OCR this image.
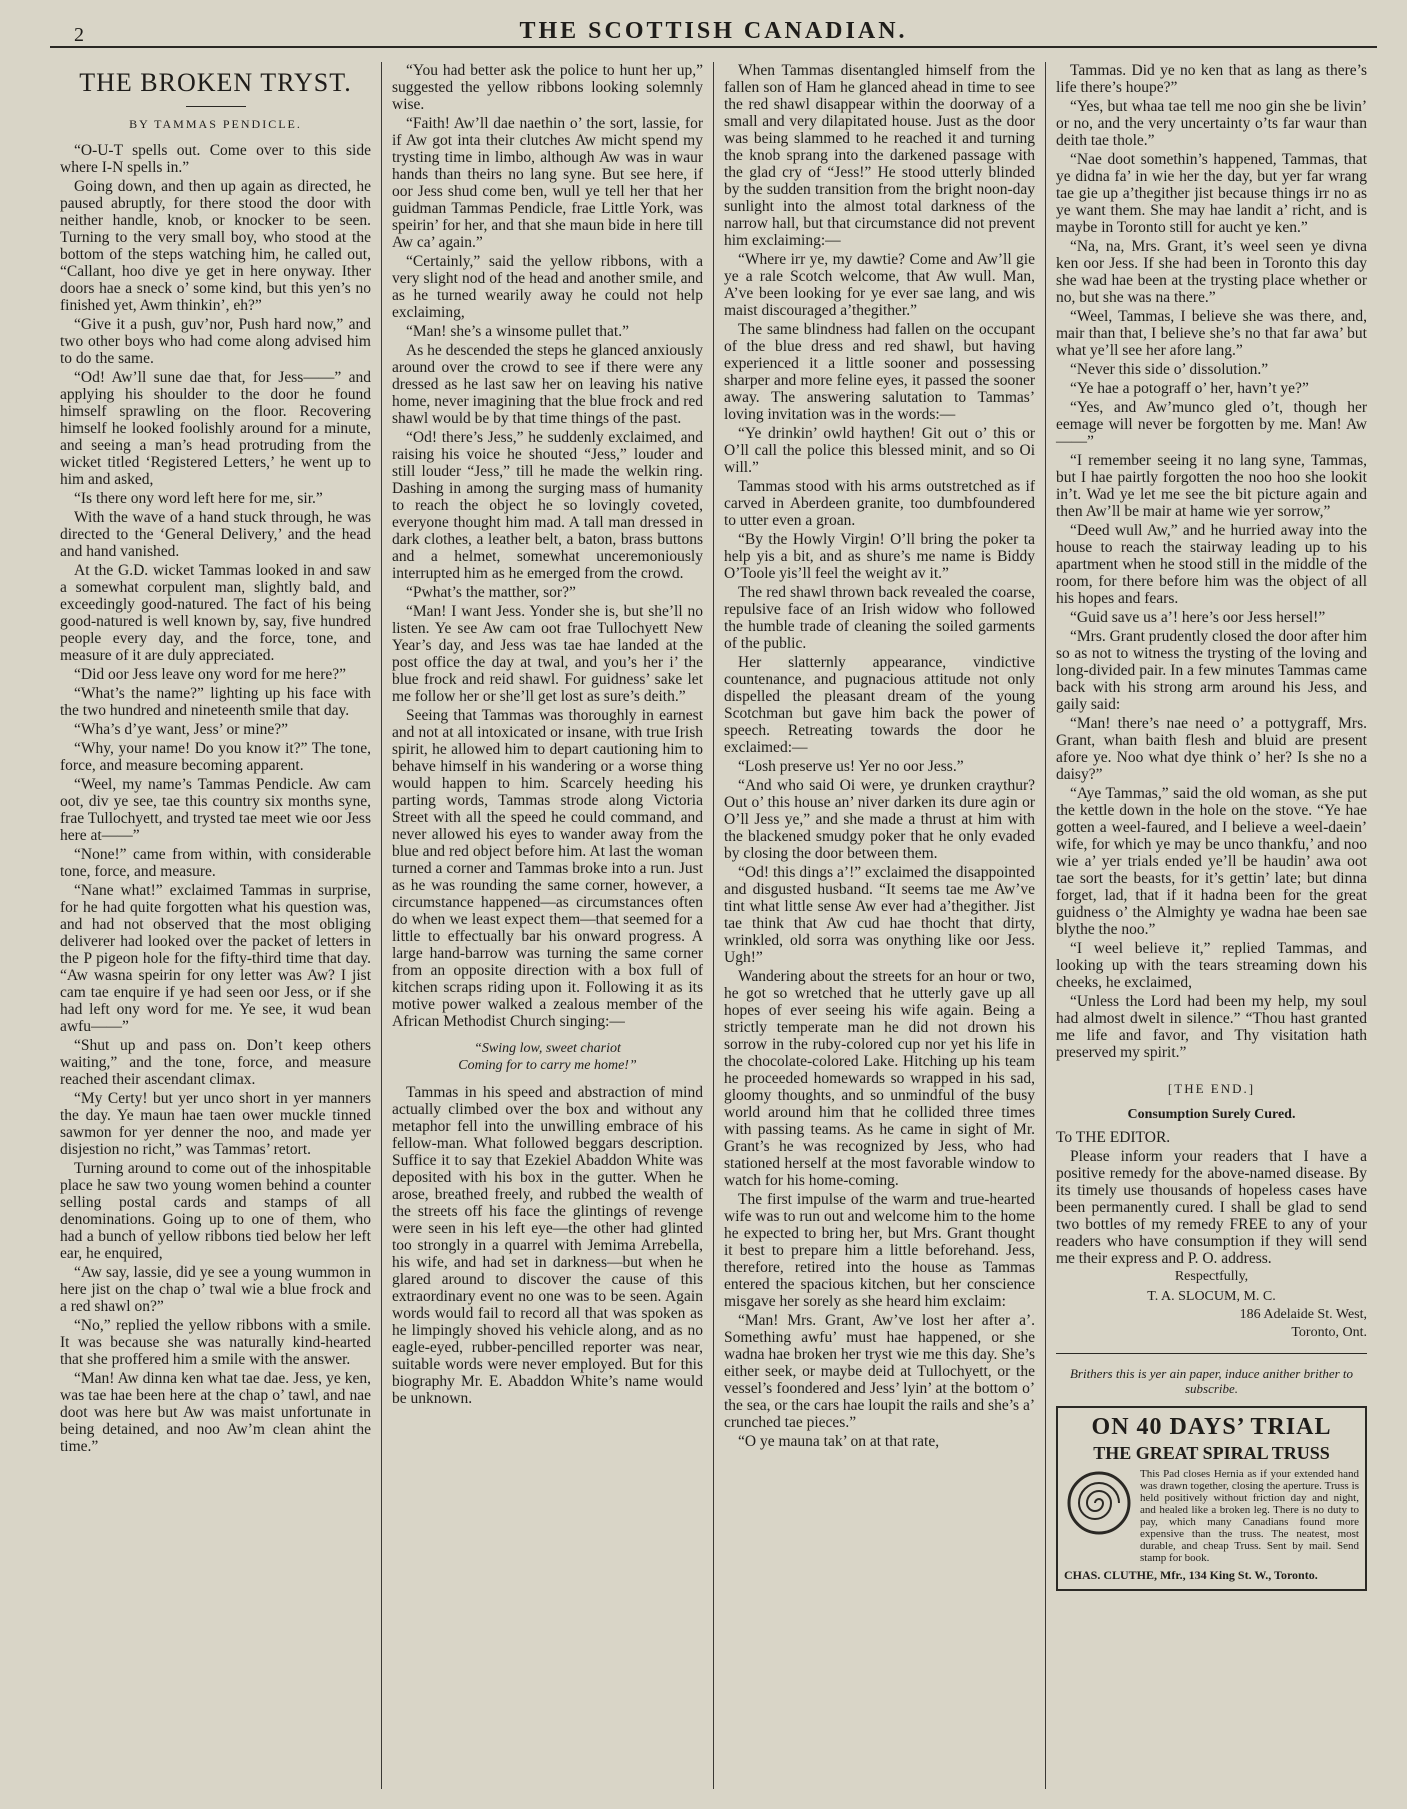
2	THE SCOTTISH CANADIAN.
THE BROKEN TRYST.
BY TAMMAS PENDICLE.

“O-U-T spells out. Come over to this side where I-N spells in.”

Going down, and then up again as directed, he paused abruptly, for there stood the door with neither handle, knob, or knocker to be seen. Turning to the very small boy, who stood at the bottom of the steps watching him, he called out, “Callant, hoo dive ye get in here onyway. Ither doors hae a sneck o’ some kind, but this yen’s no finished yet, Awm thinkin’, eh?”

“Give it a push, guv’nor, Push hard now,” and two other boys who had come along advised him to do the same.

“Od! Aw’ll sune dae that, for Jess——” and applying his shoulder to the door he found himself sprawling on the floor. Recovering himself he looked foolishly around for a minute, and seeing a man’s head protruding from the wicket titled ‘Registered Letters,’ he went up to him and asked,

“Is there ony word left here for me, sir.”

With the wave of a hand stuck through, he was directed to the ‘General Delivery,’ and the head and hand vanished.

At the G.D. wicket Tammas looked in and saw a somewhat corpulent man, slightly bald, and exceedingly good-natured. The fact of his being good-natured is well known by, say, five hundred people every day, and the force, tone, and measure of it are duly appreciated.

“Did oor Jess leave ony word for me here?”

“What’s the name?” lighting up his face with the two hundred and nineteenth smile that day.

“Wha’s d’ye want, Jess’ or mine?”

“Why, your name! Do you know it?” The tone, force, and measure becoming apparent.

“Weel, my name’s Tammas Pendicle. Aw cam oot, div ye see, tae this country six months syne, frae Tullochyett, and trysted tae meet wie oor Jess here at——”

“None!” came from within, with considerable tone, force, and measure.

“Nane what!” exclaimed Tammas in surprise, for he had quite forgotten what his question was, and had not observed that the most obliging deliverer had looked over the packet of letters in the P pigeon hole for the fifty-third time that day. “Aw wasna speirin for ony letter was Aw? I jist cam tae enquire if ye had seen oor Jess, or if she had left ony word for me. Ye see, it wud bean awfu——”

“Shut up and pass on. Don’t keep others waiting,” and the tone, force, and measure reached their ascendant climax.

“My Certy! but yer unco short in yer manners the day. Ye maun hae taen ower muckle tinned sawmon for yer denner the noo, and made yer disjestion no richt,” was Tammas’ retort.

Turning around to come out of the inhospitable place he saw two young women behind a counter selling postal cards and stamps of all denominations. Going up to one of them, who had a bunch of yellow ribbons tied below her left ear, he enquired,

“Aw say, lassie, did ye see a young wummon in here jist on the chap o’ twal wie a blue frock and a red shawl on?”

“No,” replied the yellow ribbons with a smile. It was because she was naturally kind-hearted that she proffered him a smile with the answer.

“Man! Aw dinna ken what tae dae. Jess, ye ken, was tae hae been here at the chap o’ tawl, and nae doot was here but Aw was maist unfortunate in being detained, and noo Aw’m clean ahint the time.”

“You had better ask the police to hunt her up,” suggested the yellow ribbons looking solemnly wise.

“Faith! Aw’ll dae naethin o’ the sort, lassie, for if Aw got inta their clutches Aw micht spend my trysting time in limbo, although Aw was in waur hands than theirs no lang syne. But see here, if oor Jess shud come ben, wull ye tell her that her guidman Tammas Pendicle, frae Little York, was speirin’ for her, and that she maun bide in here till Aw ca’ again.”

“Certainly,” said the yellow ribbons, with a very slight nod of the head and another smile, and as he turned wearily away he could not help exclaiming,

“Man! she’s a winsome pullet that.”

As he descended the steps he glanced anxiously around over the crowd to see if there were any dressed as he last saw her on leaving his native home, never imagining that the blue frock and red shawl would be by that time things of the past.

“Od! there’s Jess,” he suddenly exclaimed, and raising his voice he shouted “Jess,” louder and still louder “Jess,” till he made the welkin ring. Dashing in among the surging mass of humanity to reach the object he so lovingly coveted, everyone thought him mad. A tall man dressed in dark clothes, a leather belt, a baton, brass buttons and a helmet, somewhat unceremoniously interrupted him as he emerged from the crowd.

“Pwhat’s the matther, sor?”

“Man! I want Jess. Yonder she is, but she’ll no listen. Ye see Aw cam oot frae Tullochyett New Year’s day, and Jess was tae hae landed at the post office the day at twal, and you’s her i’ the blue frock and reid shawl. For guidness’ sake let me follow her or she’ll get lost as sure’s deith.”

Seeing that Tammas was thoroughly in earnest and not at all intoxicated or insane, with true Irish spirit, he allowed him to depart cautioning him to behave himself in his wandering or a worse thing would happen to him. Scarcely heeding his parting words, Tammas strode along Victoria Street with all the speed he could command, and never allowed his eyes to wander away from the blue and red object before him. At last the woman turned a corner and Tammas broke into a run. Just as he was rounding the same corner, however, a circumstance happened—as circumstances often do when we least expect them—that seemed for a little to effectually bar his onward progress. A large hand-barrow was turning the same corner from an opposite direction with a box full of kitchen scraps riding upon it. Following it as its motive power walked a zealous member of the African Methodist Church singing:—

“Swing low, sweet chariot
Coming for to carry me home!”

Tammas in his speed and abstraction of mind actually climbed over the box and without any metaphor fell into the unwilling embrace of his fellow-man. What followed beggars description. Suffice it to say that Ezekiel Abaddon White was deposited with his box in the gutter. When he arose, breathed freely, and rubbed the wealth of the streets off his face the glintings of revenge were seen in his left eye—the other had glinted too strongly in a quarrel with Jemima Arrebella, his wife, and had set in darkness—but when he glared around to discover the cause of this extraordinary event no one was to be seen. Again words would fail to record all that was spoken as he limpingly shoved his vehicle along, and as no eagle-eyed, rubber-pencilled reporter was near, suitable words were never employed. But for this biography Mr. E. Abaddon White’s name would be unknown.

When Tammas disentangled himself from the fallen son of Ham he glanced ahead in time to see the red shawl disappear within the doorway of a small and very dilapitated house. Just as the door was being slammed to he reached it and turning the knob sprang into the darkened passage with the glad cry of “Jess!” He stood utterly blinded by the sudden transition from the bright noon-day sunlight into the almost total darkness of the narrow hall, but that circumstance did not prevent him exclaiming:—

“Where irr ye, my dawtie? Come and Aw’ll gie ye a rale Scotch welcome, that Aw wull. Man, A’ve been looking for ye ever sae lang, and wis maist discouraged a’thegither.”

The same blindness had fallen on the occupant of the blue dress and red shawl, but having experienced it a little sooner and possessing sharper and more feline eyes, it passed the sooner away. The answering salutation to Tammas’ loving invitation was in the words:—

“Ye drinkin’ owld haythen! Git out o’ this or O’ll call the police this blessed minit, and so Oi will.”

Tammas stood with his arms outstretched as if carved in Aberdeen granite, too dumbfoundered to utter even a groan.

“By the Howly Virgin! O’ll bring the poker ta help yis a bit, and as shure’s me name is Biddy O’Toole yis’ll feel the weight av it.”

The red shawl thrown back revealed the coarse, repulsive face of an Irish widow who followed the humble trade of cleaning the soiled garments of the public.

Her slatternly appearance, vindictive countenance, and pugnacious attitude not only dispelled the pleasant dream of the young Scotchman but gave him back the power of speech. Retreating towards the door he exclaimed:—

“Losh preserve us! Yer no oor Jess.”

“And who said Oi were, ye drunken craythur? Out o’ this house an’ niver darken its dure agin or O’ll Jess ye,” and she made a thrust at him with the blackened smudgy poker that he only evaded by closing the door between them.

“Od! this dings a’!” exclaimed the disappointed and disgusted husband. “It seems tae me Aw’ve tint what little sense Aw ever had a’thegither. Jist tae think that Aw cud hae thocht that dirty, wrinkled, old sorra was onything like oor Jess. Ugh!”

Wandering about the streets for an hour or two, he got so wretched that he utterly gave up all hopes of ever seeing his wife again. Being a strictly temperate man he did not drown his sorrow in the ruby-colored cup nor yet his life in the chocolate-colored Lake. Hitching up his team he proceeded homewards so wrapped in his sad, gloomy thoughts, and so unmindful of the busy world around him that he collided three times with passing teams. As he came in sight of Mr. Grant’s he was recognized by Jess, who had stationed herself at the most favorable window to watch for his home-coming.

The first impulse of the warm and true-hearted wife was to run out and welcome him to the home he expected to bring her, but Mrs. Grant thought it best to prepare him a little beforehand. Jess, therefore, retired into the house as Tammas entered the spacious kitchen, but her conscience misgave her sorely as she heard him exclaim:

“Man! Mrs. Grant, Aw’ve lost her after a’. Something awfu’ must hae happened, or she wadna hae broken her tryst wie me this day. She’s either seek, or maybe deid at Tullochyett, or the vessel’s foondered and Jess’ lyin’ at the bottom o’ the sea, or the cars hae loupit the rails and she’s a’ crunched tae pieces.”

“O ye mauna tak’ on at that rate,

Tammas. Did ye no ken that as lang as there’s life there’s houpe?”

“Yes, but whaa tae tell me noo gin she be livin’ or no, and the very uncertainty o’ts far waur than deith tae thole.”

“Nae doot somethin’s happened, Tammas, that ye didna fa’ in wie her the day, but yer far wrang tae gie up a’thegither jist because things irr no as ye want them. She may hae landit a’ richt, and is maybe in Toronto still for aucht ye ken.”

“Na, na, Mrs. Grant, it’s weel seen ye divna ken oor Jess. If she had been in Toronto this day she wad hae been at the trysting place whether or no, but she was na there.”

“Weel, Tammas, I believe she was there, and, mair than that, I believe she’s no that far awa’ but what ye’ll see her afore lang.”

“Never this side o’ dissolution.”

“Ye hae a potograff o’ her, havn’t ye?”

“Yes, and Aw’munco gled o’t, though her eemage will never be forgotten by me. Man! Aw——”

“I remember seeing it no lang syne, Tammas, but I hae pairtly forgotten the noo hoo she lookit in’t. Wad ye let me see the bit picture again and then Aw’ll be mair at hame wie yer sorrow,”

“Deed wull Aw,” and he hurried away into the house to reach the stairway leading up to his apartment when he stood still in the middle of the room, for there before him was the object of all his hopes and fears.

“Guid save us a’! here’s oor Jess hersel!”

“Mrs. Grant prudently closed the door after him so as not to witness the trysting of the loving and long-divided pair. In a few minutes Tammas came back with his strong arm around his Jess, and gaily said:

“Man! there’s nae need o’ a pottygraff, Mrs. Grant, whan baith flesh and bluid are present afore ye. Noo what dye think o’ her? Is she no a daisy?”

“Aye Tammas,” said the old woman, as she put the kettle down in the hole on the stove. “Ye hae gotten a weel-faured, and I believe a weel-daein’ wife, for which ye may be unco thankfu,’ and noo wie a’ yer trials ended ye’ll be haudin’ awa oot tae sort the beasts, for it’s gettin’ late; but dinna forget, lad, that if it hadna been for the great guidness o’ the Almighty ye wadna hae been sae blythe the noo.”

“I weel believe it,” replied Tammas, and looking up with the tears streaming down his cheeks, he exclaimed,

“Unless the Lord had been my help, my soul had almost dwelt in silence.” “Thou hast granted me life and favor, and Thy visitation hath preserved my spirit.”

[THE END.]
Consumption Surely Cured.

To THE EDITOR.

Please inform your readers that I have a positive remedy for the above-named disease. By its timely use thousands of hopeless cases have been permanently cured. I shall be glad to send two bottles of my remedy FREE to any of your readers who have consumption if they will send me their express and P. O. address.

Respectfully,
T. A. SLOCUM, M. C.
186 Adelaide St. West,
Toronto, Ont.
Brithers this is yer ain paper, induce anither brither to subscribe.
ON 40 DAYS’ TRIAL
THE GREAT SPIRAL TRUSS
This Pad closes Hernia as if your extended hand was drawn together, closing the aperture. Truss is held positively without friction day and night, and healed like a broken leg. There is no duty to pay, which many Canadians found more expensive than the truss. The neatest, most durable, and cheap Truss. Sent by mail. Send stamp for book.
CHAS. CLUTHE, Mfr., 134 King St. W., Toronto.
